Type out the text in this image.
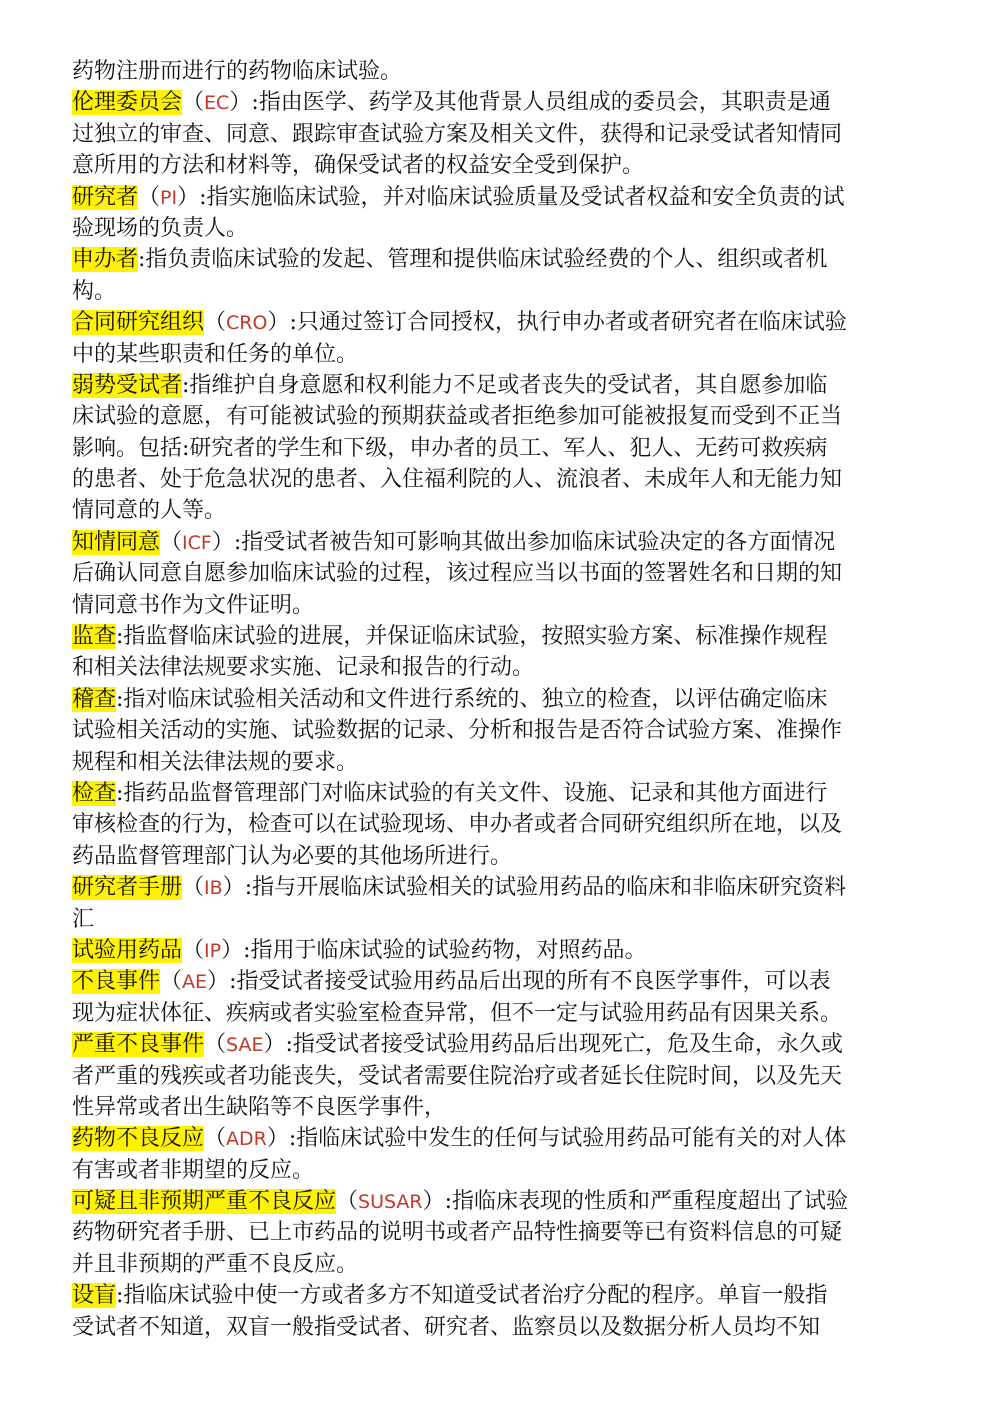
药物注册而进行的药物临床试验。
伦理委员会（EC）:指由医学、药学及其他背景人员组成的委员会，其职责是通
过独立的审查、同意、跟踪审查试验方案及相关文件，获得和记录受试者知情同
意所用的方法和材料等，确保受试者的权益安全受到保护。
研究者（PI）:指实施临床试验，并对临床试验质量及受试者权益和安全负责的试
验现场的负责人。
申办者:指负责临床试验的发起、管理和提供临床试验经费的个人、组织或者机
构。
合同研究组织（CRO）:只通过签订合同授权，执行申办者或者研究者在临床试验
中的某些职责和任务的单位。
弱势受试者:指维护自身意愿和权利能力不足或者丧失的受试者，其自愿参加临
床试验的意愿，有可能被试验的预期获益或者拒绝参加可能被报复而受到不正当
影响。包括:研究者的学生和下级，申办者的员工、军人、犯人、无药可救疾病
的患者、处于危急状况的患者、入住福利院的人、流浪者、未成年人和无能力知
情同意的人等。
知情同意（ICF）:指受试者被告知可影响其做出参加临床试验决定的各方面情况
后确认同意自愿参加临床试验的过程，该过程应当以书面的签署姓名和日期的知
情同意书作为文件证明。
监查:指监督临床试验的进展，并保证临床试验，按照实验方案、标准操作规程
和相关法律法规要求实施、记录和报告的行动。
稽查:指对临床试验相关活动和文件进行系统的、独立的检查，以评估确定临床
试验相关活动的实施、试验数据的记录、分析和报告是否符合试验方案、准操作
规程和相关法律法规的要求。
检查:指药品监督管理部门对临床试验的有关文件、设施、记录和其他方面进行
审核检查的行为，检查可以在试验现场、申办者或者合同研究组织所在地，以及
药品监督管理部门认为必要的其他场所进行。
研究者手册（IB）:指与开展临床试验相关的试验用药品的临床和非临床研究资料
汇
试验用药品（IP）:指用于临床试验的试验药物，对照药品。
不良事件（AE）:指受试者接受试验用药品后出现的所有不良医学事件，可以表
现为症状体征、疾病或者实验室检查异常，但不一定与试验用药品有因果关系。
严重不良事件（SAE）:指受试者接受试验用药品后出现死亡，危及生命，永久或
者严重的残疾或者功能丧失，受试者需要住院治疗或者延长住院时间，以及先天
性异常或者出生缺陷等不良医学事件，
药物不良反应（ADR）:指临床试验中发生的任何与试验用药品可能有关的对人体
有害或者非期望的反应。
可疑且非预期严重不良反应（SUSAR）:指临床表现的性质和严重程度超出了试验
药物研究者手册、已上市药品的说明书或者产品特性摘要等已有资料信息的可疑
并且非预期的严重不良反应。
设盲:指临床试验中使一方或者多方不知道受试者治疗分配的程序。单盲一般指
受试者不知道，双盲一般指受试者、研究者、监察员以及数据分析人员均不知
